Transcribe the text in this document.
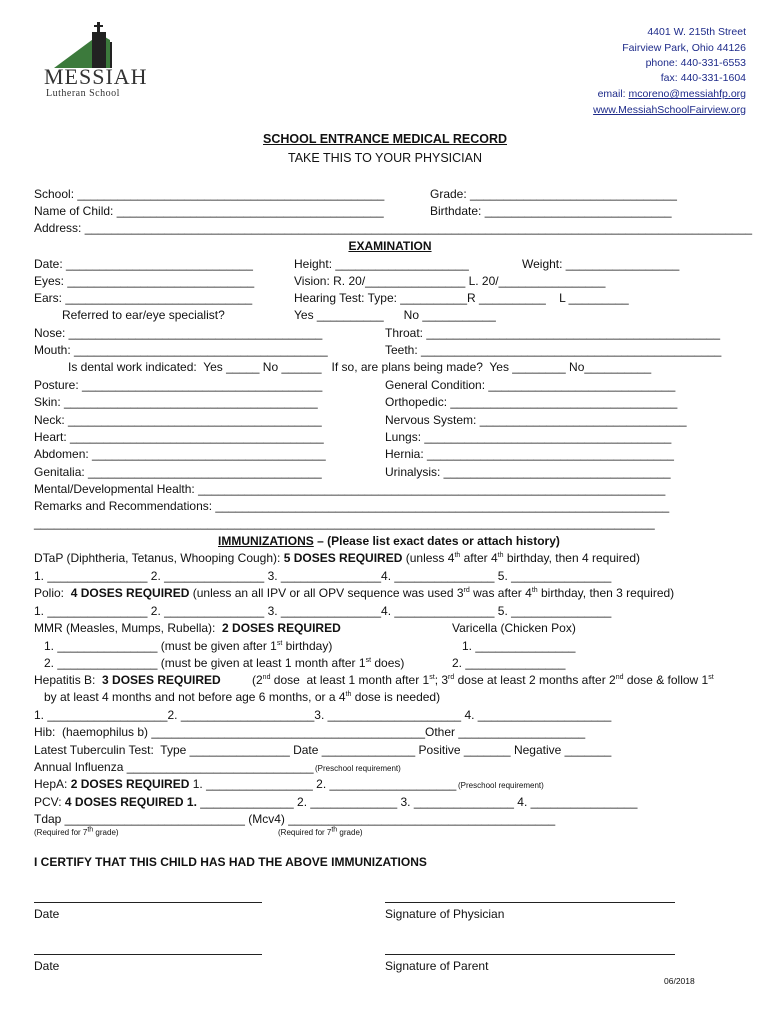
MESSIAH
Lutheran School
4401 W. 215th Street
Fairview Park, Ohio 44126
phone: 440-331-6553
fax: 440-331-1604
email: mcoreno@messiahfp.org
www.MessiahSchoolFairview.org
SCHOOL ENTRANCE MEDICAL RECORD
TAKE THIS TO YOUR PHYSICIAN
School: ______________________________________________	Grade: _______________________________
Name of Child: ________________________________________	Birthdate: ____________________________
Address: ____________________________________________________________________________________________________
EXAMINATION
Date: ____________________________	Height: ____________________	Weight: _________________
Eyes: ____________________________	Vision: R. 20/_______________ L. 20/________________
Ears: ____________________________	Hearing Test: Type: __________R __________    L _________
Referred to ear/eye specialist?	Yes __________      No ___________
Nose: ______________________________________	Throat: ____________________________________________
Mouth: ______________________________________	Teeth: _____________________________________________
Is dental work indicated:  Yes _____ No ______   If so, are plans being made?  Yes ________ No__________
Posture: ____________________________________	General Condition: ____________________________
Skin: ______________________________________	Orthopedic: __________________________________
Neck: ______________________________________	Nervous System: _______________________________
Heart: ______________________________________	Lungs: _____________________________________
Abdomen: ___________________________________	Hernia: _____________________________________
Genitalia: ___________________________________	Urinalysis: __________________________________
Mental/Developmental Health: ______________________________________________________________________
Remarks and Recommendations: ____________________________________________________________________
_____________________________________________________________________________________________
IMMUNIZATIONS – (Please list exact dates or attach history)
DTaP (Diphtheria, Tetanus, Whooping Cough): 5 DOSES REQUIRED (unless 4th after 4th birthday, then 4 required)
1. _______________ 2. _______________ 3. _______________4. _______________ 5. _______________
Polio:  4 DOSES REQUIRED (unless an all IPV or all OPV sequence was used 3rd was after 4th birthday, then 3 required)
1. _______________ 2. _______________ 3. _______________4. _______________ 5. _______________
MMR (Measles, Mumps, Rubella):  2 DOSES REQUIRED	Varicella (Chicken Pox)
1. _______________ (must be given after 1st birthday)	1. _______________
2. _______________ (must be given at least 1 month after 1st does)	2. _______________
Hepatitis B:  3 DOSES REQUIRED	(2nd dose  at least 1 month after 1st; 3rd dose at least 2 months after 2nd dose & follow 1st
by at least 4 months and not before age 6 months, or a 4th dose is needed)
1. __________________2. ____________________3. ____________________ 4. ____________________
Hib:  (haemophilus b) _________________________________________Other ___________________
Latest Tuberculin Test:  Type _______________ Date ______________ Positive _______ Negative _______
Annual Influenza ____________________________ (Preschool requirement)
HepA: 2 DOSES REQUIRED 1. ________________ 2. ___________________ (Preschool requirement)
PCV: 4 DOSES REQUIRED 1. ______________ 2. _____________ 3. _______________ 4. ________________
Tdap ___________________________ (Mcv4) ________________________________________
(Required for 7th grade)	(Required for 7th grade)
I CERTIFY THAT THIS CHILD HAS HAD THE ABOVE IMMUNIZATIONS
Date	Signature of Physician
Date	Signature of Parent
06/2018
